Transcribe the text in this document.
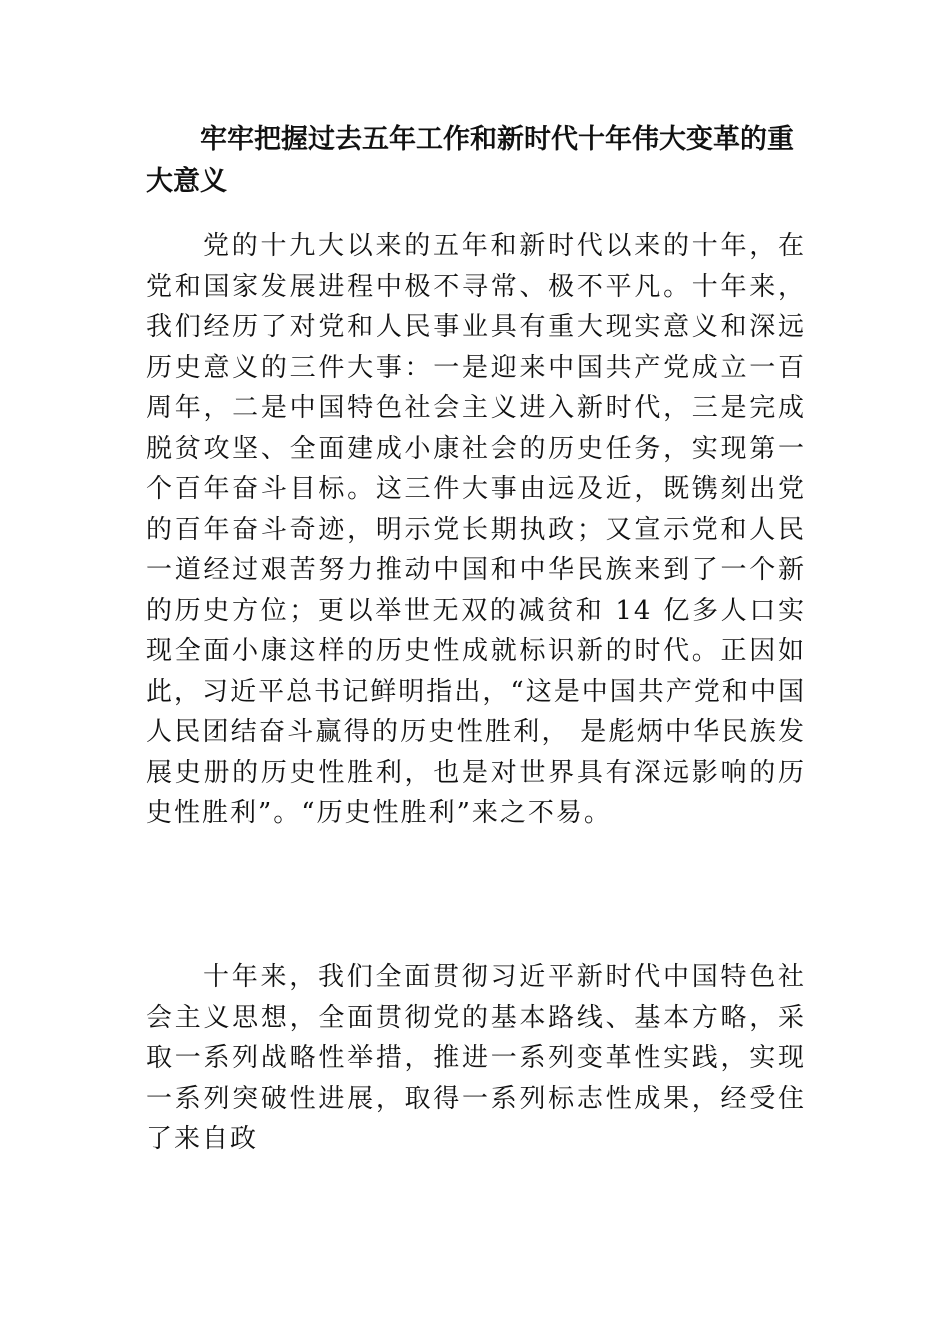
牢牢把握过去五年工作和新时代十年伟大变革的重大意义

党的十九大以来的五年和新时代以来的十年，在党和国家发展进程中极不寻常、极不平凡。十年来，我们经历了对党和人民事业具有重大现实意义和深远历史意义的三件大事：一是迎来中国共产党成立一百周年，二是中国特色社会主义进入新时代，三是完成脱贫攻坚、全面建成小康社会的历史任务，实现第一个百年奋斗目标。这三件大事由远及近，既镌刻出党的百年奋斗奇迹，明示党长期执政；又宣示党和人民一道经过艰苦努力推动中国和中华民族来到了一个新的历史方位；更以举世无双的减贫和 14 亿多人口实现全面小康这样的历史性成就标识新的时代。正因如此，习近平总书记鲜明指出，“这是中国共产党和中国人民团结奋斗赢得的历史性胜利， 是彪炳中华民族发展史册的历史性胜利，也是对世界具有深远影响的历史性胜利”。“历史性胜利”来之不易。

十年来，我们全面贯彻习近平新时代中国特色社会主义思想，全面贯彻党的基本路线、基本方略，采取一系列战略性举措，推进一系列变革性实践，实现一系列突破性进展，取得一系列标志性成果，经受住了来自政
